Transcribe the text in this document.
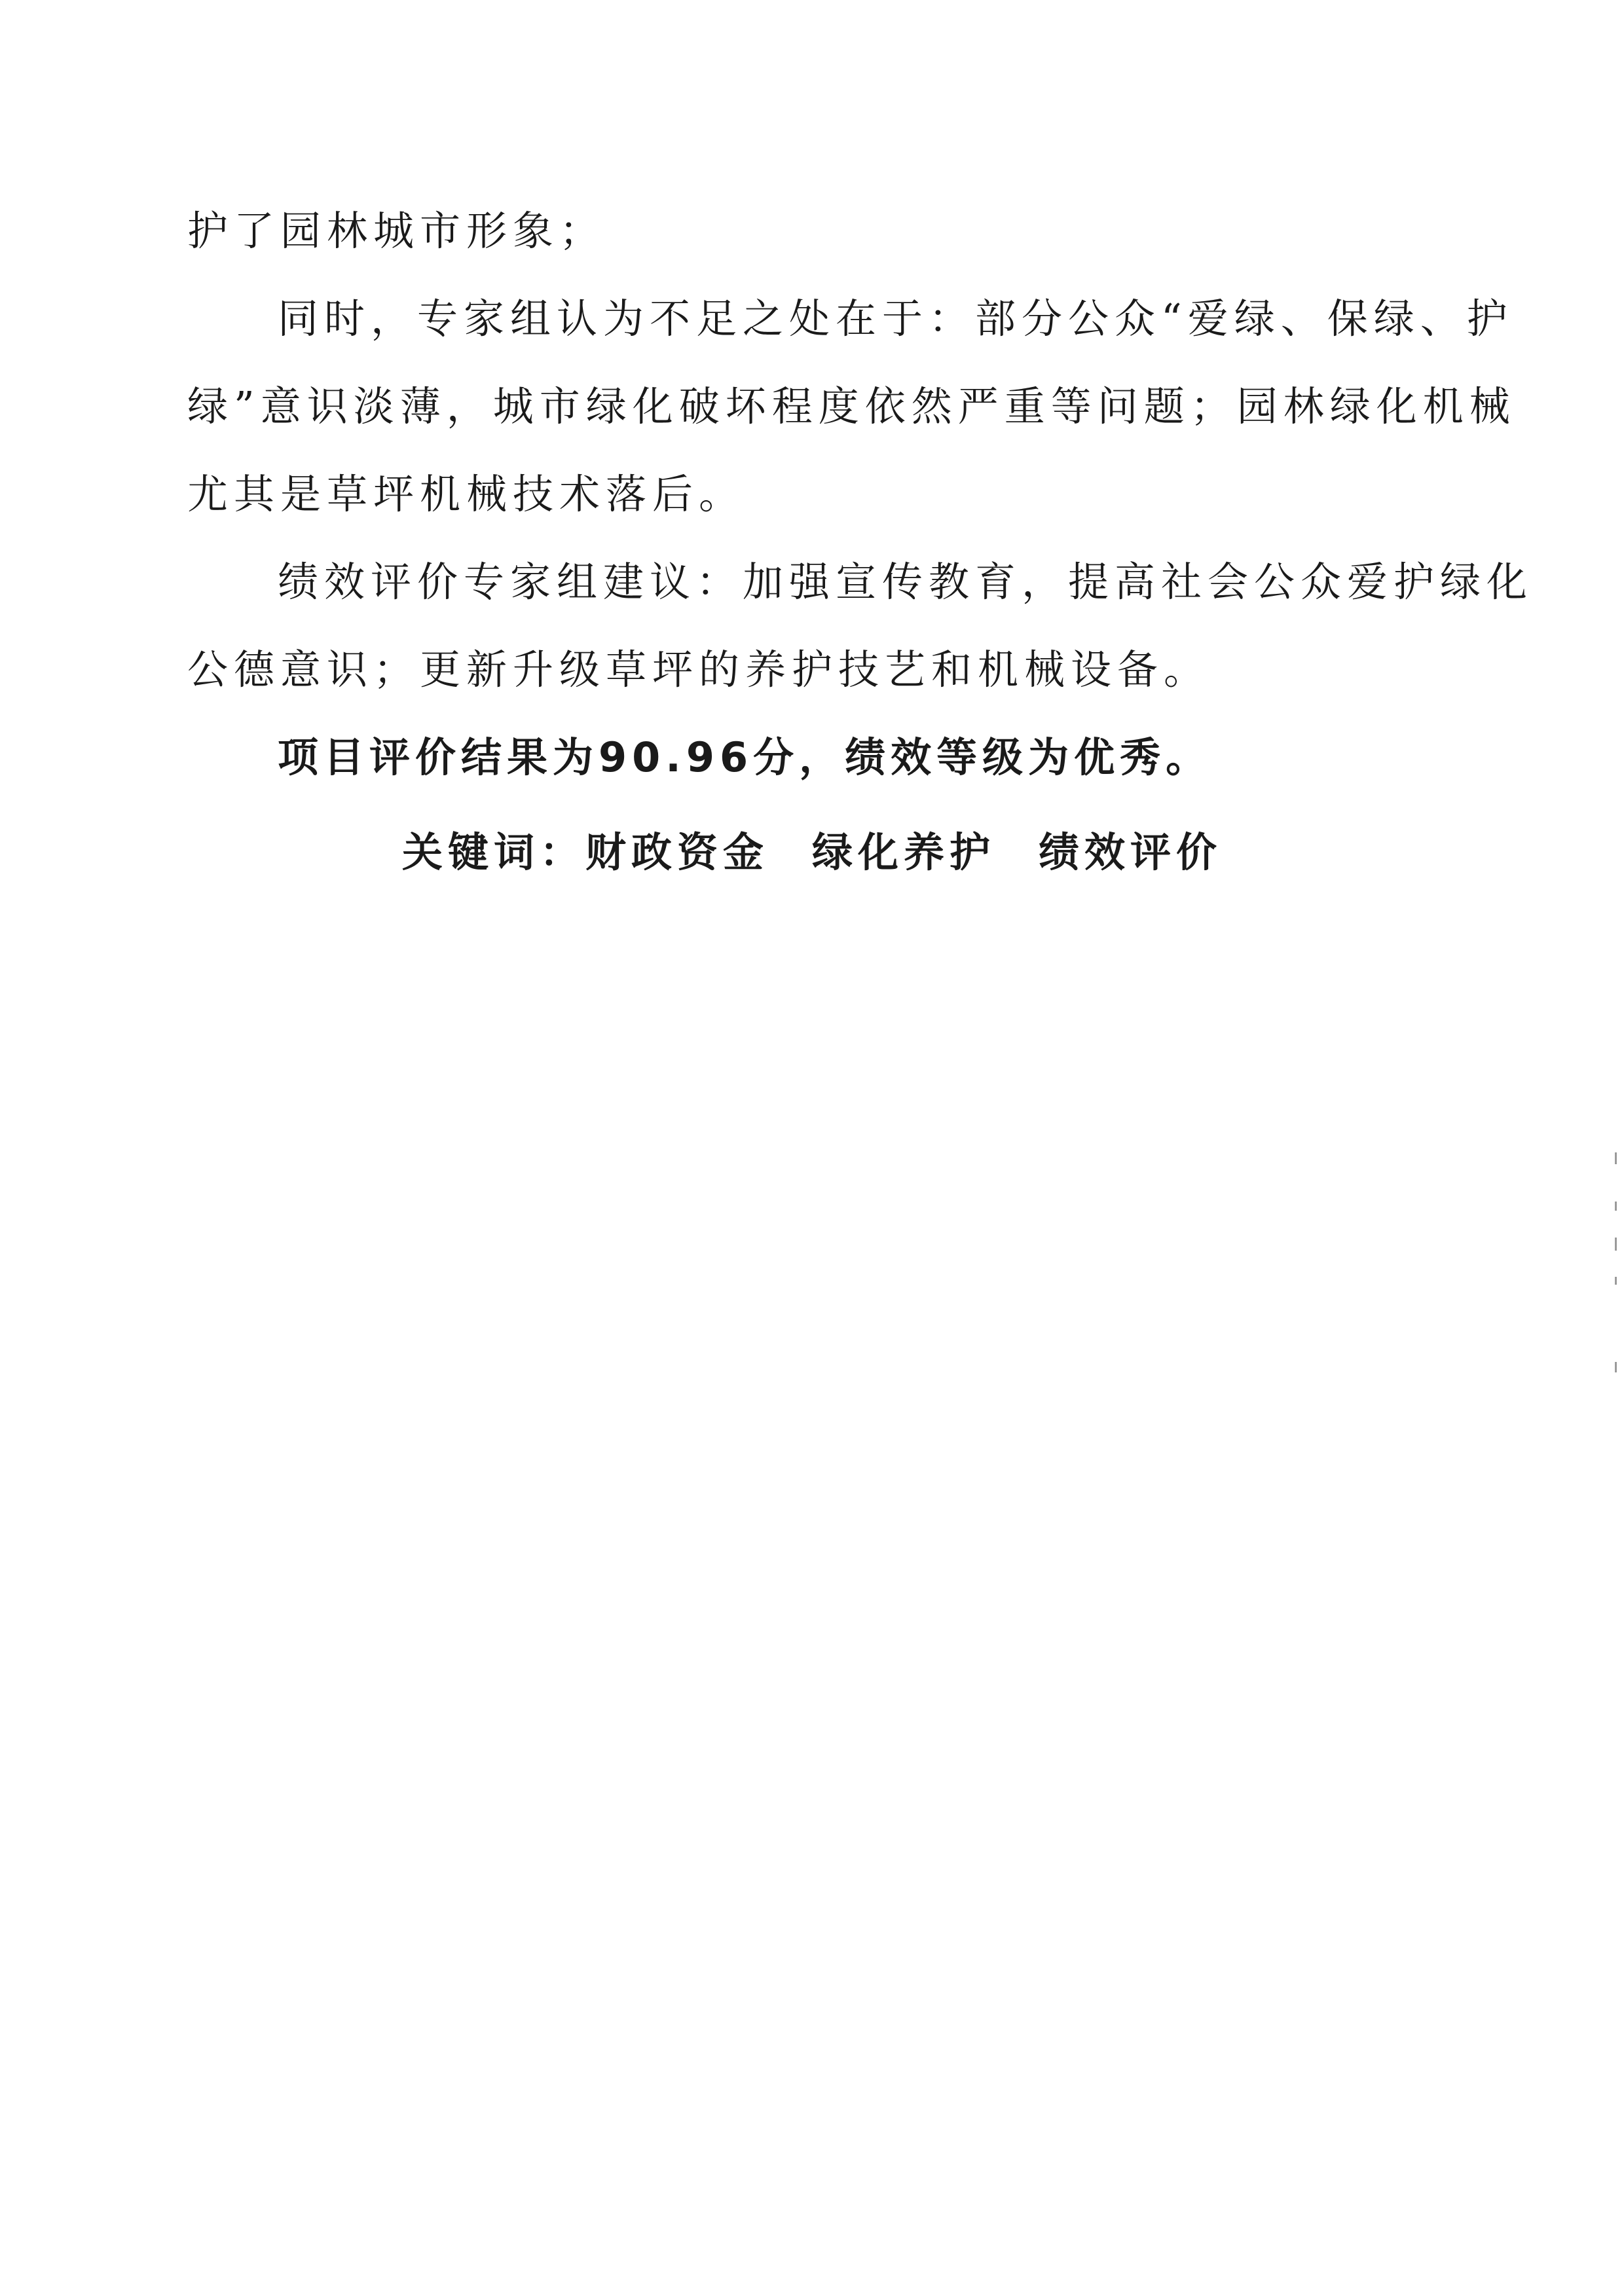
护了园林城市形象；

同时，专家组认为不足之处在于：部分公众“爱绿、保绿、护

绿”意识淡薄，城市绿化破坏程度依然严重等问题；园林绿化机械

尤其是草坪机械技术落后。

绩效评价专家组建议：加强宣传教育，提高社会公众爱护绿化

公德意识；更新升级草坪的养护技艺和机械设备。

项目评价结果为90.96分，绩效等级为优秀。

关键词：财政资金 绿化养护 绩效评价
